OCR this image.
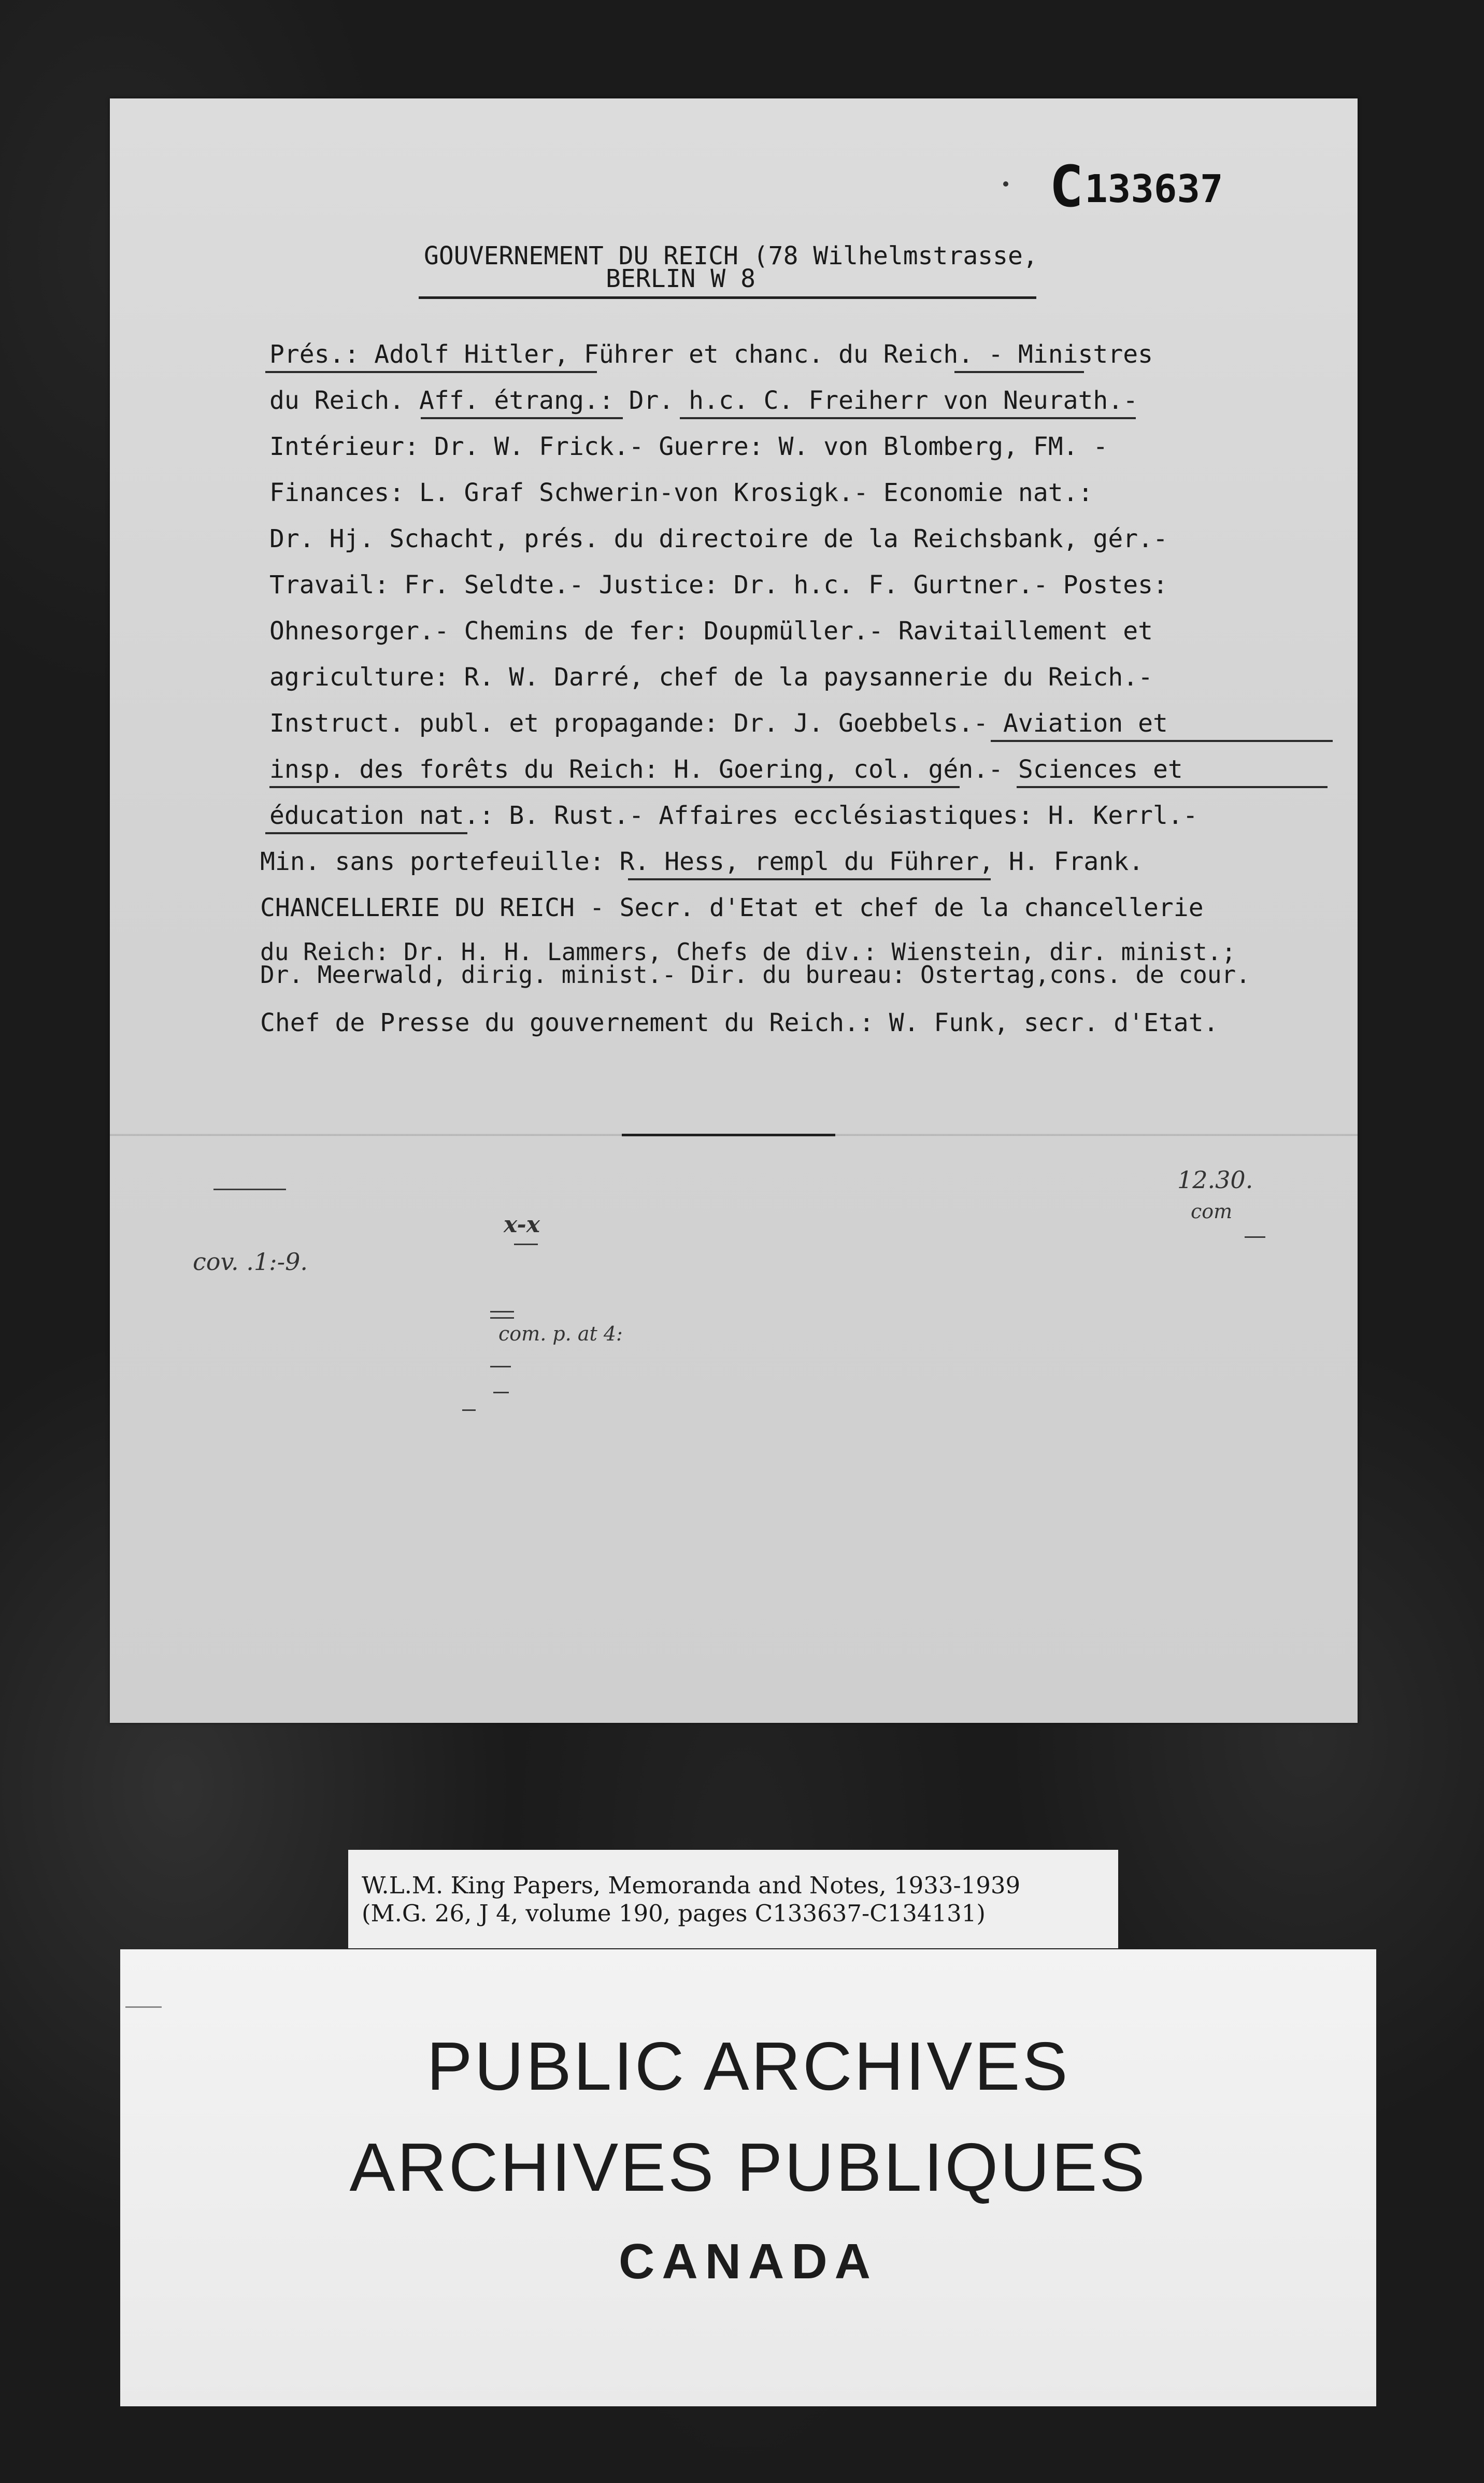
C133637
GOUVERNEMENT DU REICH (78 Wilhelmstrasse,
BERLIN W 8
Prés.: Adolf Hitler, Führer et chanc. du Reich. - Ministres
du Reich. Aff. étrang.: Dr. h.c. C. Freiherr von Neurath.-
Intérieur: Dr. W. Frick.- Guerre: W. von Blomberg, FM. -
Finances: L. Graf Schwerin-von Krosigk.- Economie nat.:
Dr. Hj. Schacht, prés. du directoire de la Reichsbank, gér.-
Travail: Fr. Seldte.- Justice: Dr. h.c. F. Gurtner.- Postes:
Ohnesorger.- Chemins de fer: Doupmüller.- Ravitaillement et
agriculture: R. W. Darré, chef de la paysannerie du Reich.-
Instruct. publ. et propagande: Dr. J. Goebbels.- Aviation et
insp. des forêts du Reich: H. Goering, col. gén.- Sciences et
éducation nat.: B. Rust.- Affaires ecclésiastiques: H. Kerrl.-
Min. sans portefeuille: R. Hess, rempl du Führer, H. Frank.
CHANCELLERIE DU REICH - Secr. d'Etat et chef de la chancellerie
du Reich: Dr. H. H. Lammers, Chefs de div.: Wienstein, dir. minist.;
Dr. Meerwald, dirig. minist.- Dir. du bureau: Ostertag,cons. de cour.
Chef de Presse du gouvernement du Reich.: W. Funk, secr. d'Etat.
12.30.
com
x-x
cov. .1:-9.
com. p. at 4:
W.L.M. King Papers, Memoranda and Notes, 1933-1939
(M.G. 26, J 4, volume 190, pages C133637-C134131)
PUBLIC ARCHIVES
ARCHIVES PUBLIQUES
CANADA
